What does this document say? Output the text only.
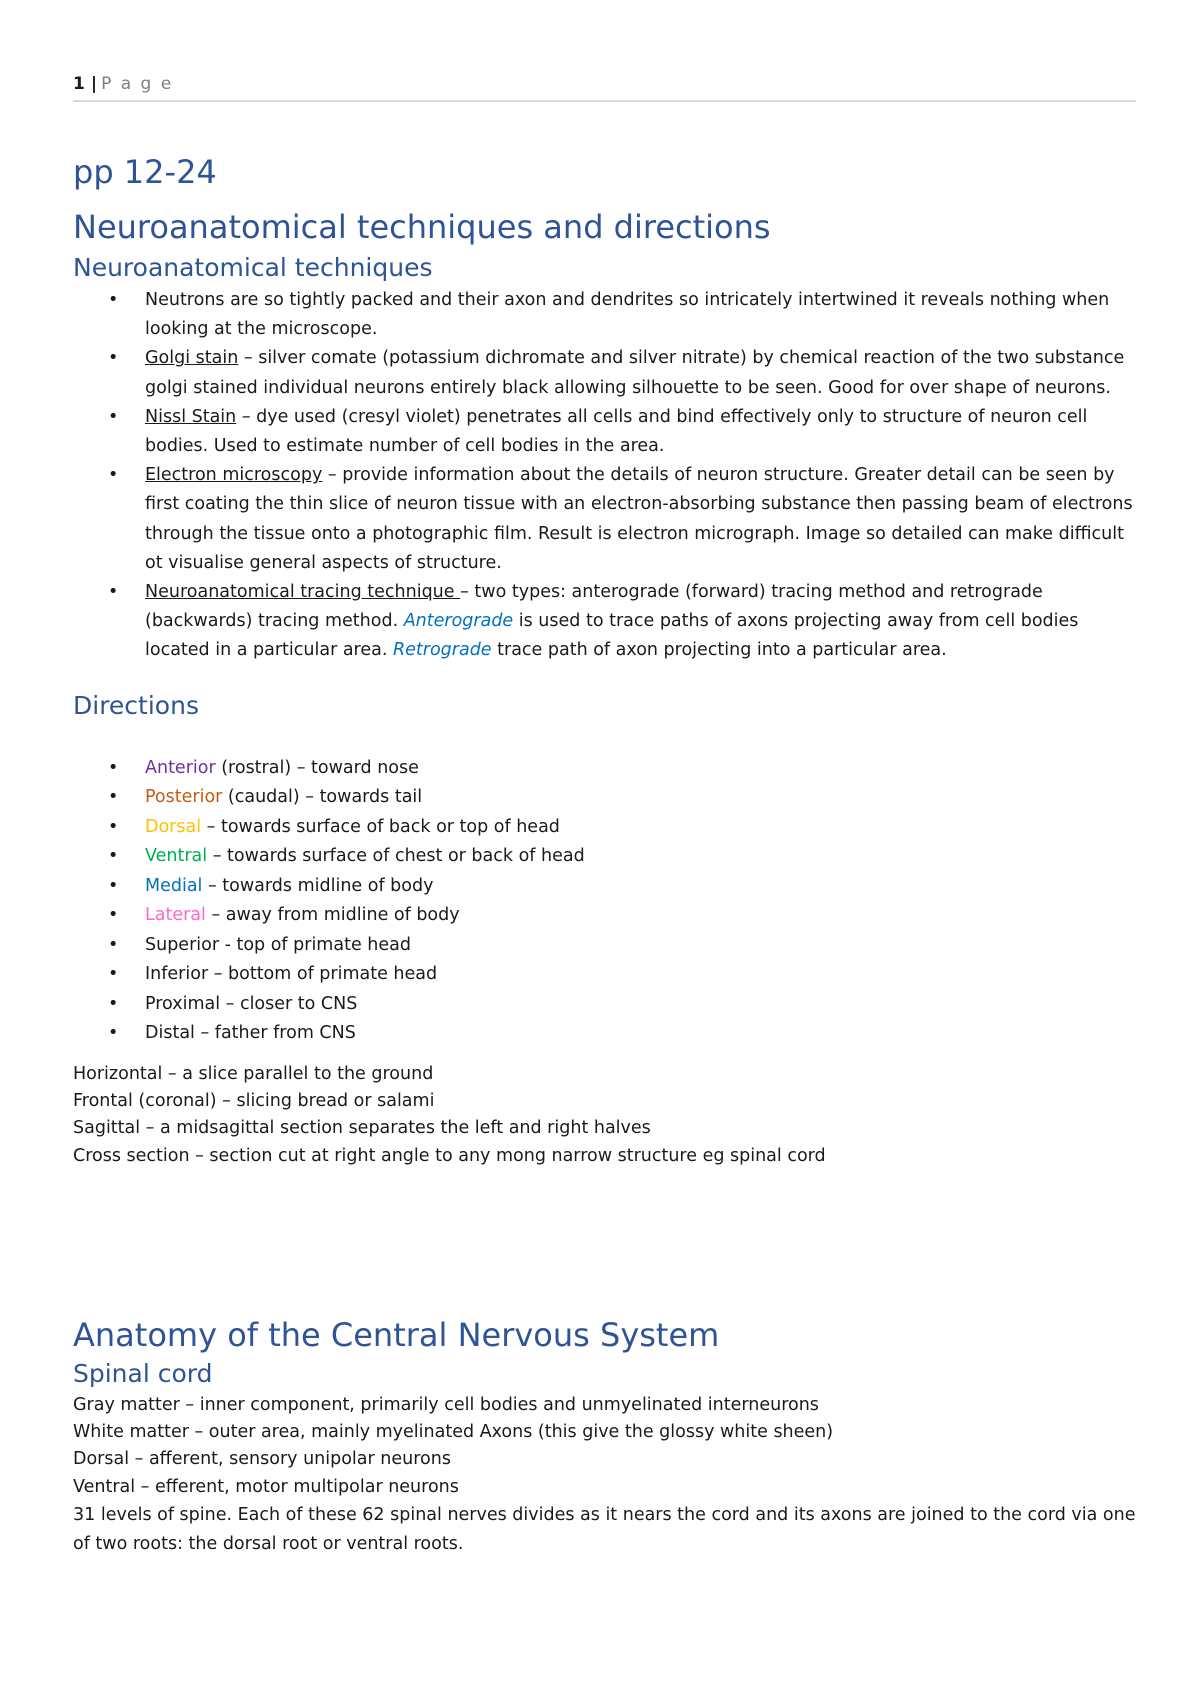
1 | P a g e
pp 12-24
Neuroanatomical techniques and directions
Neuroanatomical techniques
• Neutrons are so tightly packed and their axon and dendrites so intricately intertwined it reveals nothing when looking at the microscope.
• Golgi stain – silver comate (potassium dichromate and silver nitrate) by chemical reaction of the two substance golgi stained individual neurons entirely black allowing silhouette to be seen. Good for over shape of neurons.
• Nissl Stain – dye used (cresyl violet) penetrates all cells and bind effectively only to structure of neuron cell bodies. Used to estimate number of cell bodies in the area.
• Electron microscopy – provide information about the details of neuron structure. Greater detail can be seen by first coating the thin slice of neuron tissue with an electron-absorbing substance then passing beam of electrons through the tissue onto a photographic film. Result is electron micrograph. Image so detailed can make difficult ot visualise general aspects of structure.
• Neuroanatomical tracing technique – two types: anterograde (forward) tracing method and retrograde (backwards) tracing method. Anterograde is used to trace paths of axons projecting away from cell bodies located in a particular area. Retrograde trace path of axon projecting into a particular area.
Directions
• Anterior (rostral) – toward nose
• Posterior (caudal) – towards tail
• Dorsal – towards surface of back or top of head
• Ventral – towards surface of chest or back of head
• Medial – towards midline of body
• Lateral – away from midline of body
• Superior - top of primate head
• Inferior – bottom of primate head
• Proximal – closer to CNS
• Distal – father from CNS
Horizontal – a slice parallel to the ground
Frontal (coronal) – slicing bread or salami
Sagittal – a midsagittal section separates the left and right halves
Cross section – section cut at right angle to any mong narrow structure eg spinal cord
Anatomy of the Central Nervous System
Spinal cord
Gray matter – inner component, primarily cell bodies and unmyelinated interneurons
White matter – outer area, mainly myelinated Axons (this give the glossy white sheen)
Dorsal – afferent, sensory unipolar neurons
Ventral – efferent, motor multipolar neurons
31 levels of spine. Each of these 62 spinal nerves divides as it nears the cord and its axons are joined to the cord via one of two roots: the dorsal root or ventral roots.
